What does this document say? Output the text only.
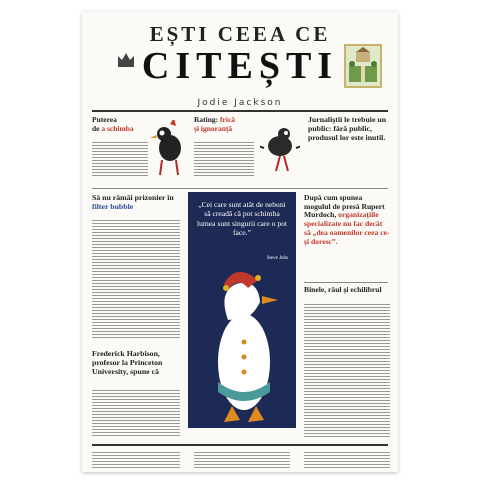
EȘTI CEEA CE
CITEȘTI
Jodie Jackson
Puterea
de a schimba
Rating: frică
și ignoranță
Jurnaliștii le trebuie un public: fără public, produsul lor este inutil.
Să nu rămâi prizonier în filter bubble
Frederick Harbison, profesor la Princeton University, spune că
„Cei care sunt atât de nebuni să creadă că pot schimba lumea sunt singurii care o pot face.”
Steve Jobs
După cum spunea mogulul de presă Rupert Murdoch, organizațiile specializate nu fac decât să „dea oamenilor ceea ce-și doresc”.
Binele, răul și echilibrul
